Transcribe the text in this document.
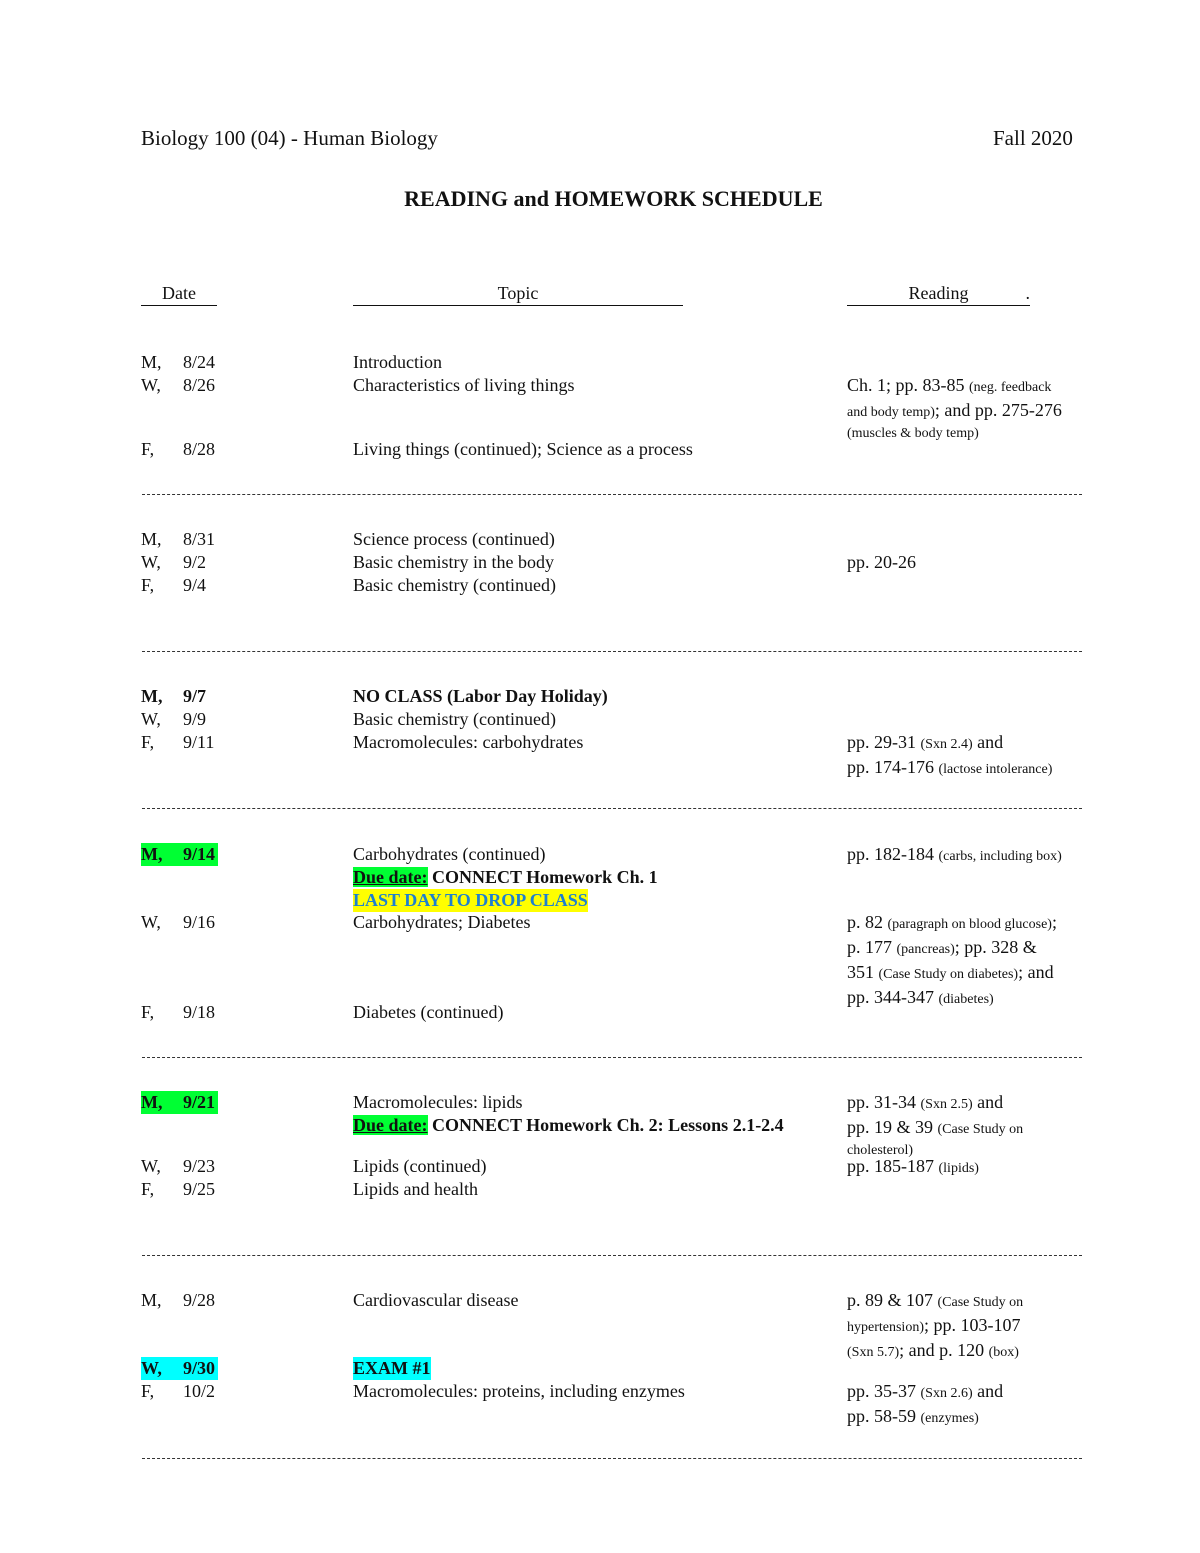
Biology 100 (04) - Human Biology	Fall 2020
READING and HOMEWORK SCHEDULE
Date	Topic	Reading	.
M, 8/24	Introduction
W, 8/26	Characteristics of living things	Ch. 1; pp. 83-85 (neg. feedback
and body temp); and pp. 275-276
$^{(muscles \& body temp)}$
F, 8/28	Living things (continued); Science as a process
M, 8/31	Science process (continued)
W, 9/2	Basic chemistry in the body	pp. 20-26
F, 9/4	Basic chemistry (continued)
M, 9/7	NO CLASS (Labor Day Holiday)
W, 9/9	Basic chemistry (continued)
F, 9/11	Macromolecules: carbohydrates	pp. 29-31 (Sxn 2.4) and
pp. 174-176 (lactose intolerance)
M, 9/14	Carbohydrates (continued)	pp. 182-184 (carbs, including box)
Due date: CONNECT Homework Ch. 1
LAST DAY TO DROP CLASS
W, 9/16	Carbohydrates; Diabetes	p. 82 (paragraph on blood glucose);
p. 177 (pancreas); pp. 328 &
351 (Case Study on diabetes); and
pp. 344-347 (diabetes)
F, 9/18	Diabetes (continued)
M, 9/21	Macromolecules: lipids	pp. 31-34 (Sxn 2.5) and
pp. 19 & 39 (Case Study on
$^{cholesterol)}$
Due date: CONNECT Homework Ch. 2: Lessons 2.1-2.4
W, 9/23	Lipids (continued)	pp. 185-187 (lipids)
F, 9/25	Lipids and health
M, 9/28	Cardiovascular disease	p. 89 & 107 (Case Study on
hypertension); pp. 103-107
(Sxn 5.7); and p. 120 (box)
W, 9/30	EXAM #1
F, 10/2	Macromolecules: proteins, including enzymes	pp. 35-37 (Sxn 2.6) and
pp. 58-59 (enzymes)
